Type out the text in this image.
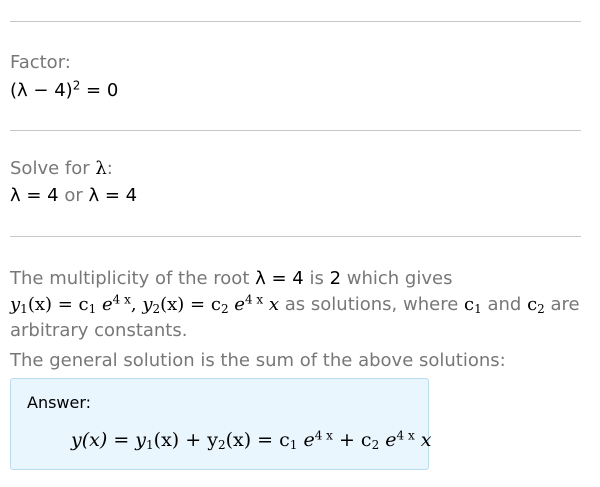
Factor:
$(\lambda - 4)^2 = 0$
Solve for λ:
λ = 4 or λ = 4
The multiplicity of the root λ = 4 is 2 which gives
$y_1(x) = c_1$ $e^{4 x}$, $y_2(x) = c_2$ $e^{4 x}$ x as solutions, where $c_1$ and $c_2$ are
arbitrary constants.
The general solution is the sum of the above solutions:
Answer:
$y(x) = y_1(x) + y_2(x) = c_1$ $e^{4 x} + c_2$ $e^{4 x}$ x
